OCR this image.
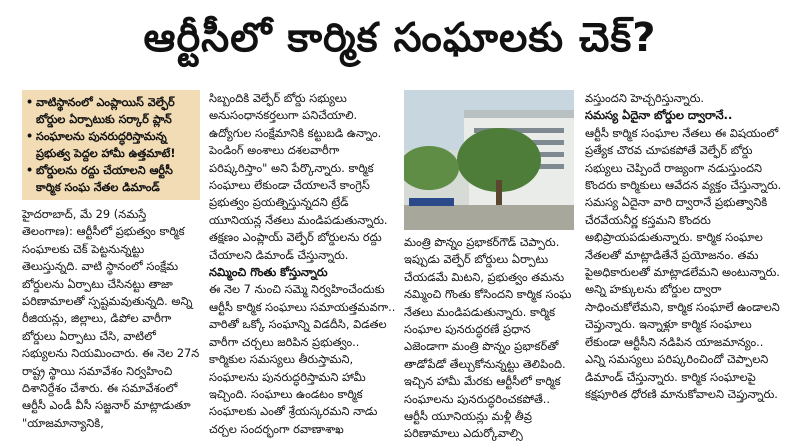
ఆర్టీసీలో కార్మిక సంఘాలకు చెక్?
• వాటిస్థానంలో ఎంప్లాయిస్ వెల్ఫేర్ బోర్డుల ఏర్పాటుకు సర్కార్ ప్లాన్
• సంఘాలను పునరుద్ధరిస్తామన్న ప్రభుత్వ పెద్దల హామీ ఉత్తమాటే!
• బోర్డులను రద్దు చేయాలని ఆర్టీసీ కార్మిక సంఘ నేతల డిమాండ్

హైదరాబాద్, మే 29 (నమస్తే తెలంగాణ): ఆర్టీసీలో ప్రభుత్వం కార్మిక సంఘాలకు చెక్ పెట్టనున్నట్టు తెలుస్తున్నది. వాటి స్థానంలో సంక్షేమ బోర్డులను ఏర్పాటు చేసినట్టు తాజా పరిణామాలతో స్పష్టమవుతున్నది. అన్ని రీజియన్లు, జిల్లాలు, డిపోల వారీగా బోర్డులు ఏర్పాటు చేసి, వాటిలో సభ్యులను నియమించారు. ఈ నెల 27న రాష్ట్ర స్థాయి సమావేశం నిర్వహించి దిశానిర్దేశం చేశారు. ఈ సమావేశంలో ఆర్టీసీ ఎండీ వీసీ సజ్జనార్ మాట్లాడుతూ "యాజమాన్యానికి,

సిబ్బందికి వెల్ఫేర్ బోర్డు సభ్యులు అనుసంధానకర్తలుగా పనిచేయాలి. ఉద్యోగుల సంక్షేమానికి కట్టుబడి ఉన్నాం. పెండింగ్ అంశాలు దశలవారీగా పరిష్కరిస్తాం" అని పేర్కొన్నారు. కార్మిక సంఘాలు లేకుండా చేయాలనే కాంగ్రెస్ ప్రభుత్వం ప్రయత్నిస్తున్నదని ట్రేడ్ యూనియన్ల నేతలు మండిపడుతున్నారు. తక్షణం ఎంప్లాయ్ వెల్ఫేర్ బోర్డులను రద్దు చేయాలని డిమాండ్ చేస్తున్నారు.

నమ్మించి గొంతు కోస్తున్నారు

ఈ నెల 7 నుంచి సమ్మె నిర్వహించేందుకు ఆర్టీసీ కార్మిక సంఘాలు సమాయత్తమవగా.. వారితో ఒక్కో సంఘాన్ని విడదీసి, విడతల వారీగా చర్చలు జరిపిన ప్రభుత్వం.. కార్మికుల సమస్యలు తీరుస్తామని, సంఘాలను పునరుద్ధరిస్తామని హామీ ఇచ్చింది. సంఘాలు ఉండటం కార్మిక సంఘాలకు ఎంతో శ్రేయస్కరమని నాడు చర్చల సందర్భంగా రవాణాశాఖ

మంత్రి పొన్నం ప్రభాకర్‌గౌడ్ చెప్పారు. ఇప్పుడు వెల్ఫేర్ బోర్డులు ఏర్పాటు చేయడమే మిటని, ప్రభుత్వం తమను నమ్మించి గొంతు కోసిందని కార్మిక సంఘ నేతలు మండిపడుతున్నారు. కార్మిక సంఘాల పునరుద్ధరణే ప్రధాన ఎజెండాగా మంత్రి పొన్నం ప్రభాకర్‌తో తాడోపేడో తేల్చుకోనున్నట్టు తెలిపింది. ఇచ్చిన హామీ మేరకు ఆర్టీసీలో కార్మిక సంఘాలను పునరుద్ధరించకపోతే.. ఆర్టీసీ యూనియన్లు మళ్లీ తీవ్ర పరిణామాలు ఎదుర్కోవాల్సి

వస్తుందని హెచ్చరిస్తున్నారు.

సమస్య ఏదైనా బోర్డుల ద్వారానే..

ఆర్టీసీ కార్మిక సంఘాల నేతలు ఈ విషయంలో ప్రత్యేక చొరవ చూపకపోతే వెల్ఫేర్ బోర్డు సభ్యులు చెప్పిందే రాజ్యంగా నడుస్తుందని కొందరు కార్మికులు ఆవేదన వ్యక్తం చేస్తున్నారు. సమస్య ఏదైనా వారి ద్వారానే ప్రభుత్వానికి చేరవేయనీర్ణ కస్తమని కొందరు అభిప్రాయపడుతున్నారు. కార్మిక సంఘాల నేతలతో మాట్లాడితేనే ప్రయోజనం. తమ పైఅధికారులతో మాట్లాడలేమని అంటున్నారు. అన్ని హక్కులను బోర్డుల ద్వారా సాధించుకోలేమని, కార్మిక సంఘాలే ఉండాలని చెప్తున్నారు. ఇన్నాళ్లూ కార్మిక సంఘాలు లేకుండా ఆర్టీసీని నడిపిన యాజమాన్యం.. ఎన్ని సమస్యలు పరిష్కరించిందో చెప్పాలని డిమాండ్ చేస్తున్నారు. కార్మిక సంఘాలపై కక్షపూరిత ధోరణి మానుకోవాలని చెప్తున్నారు.
